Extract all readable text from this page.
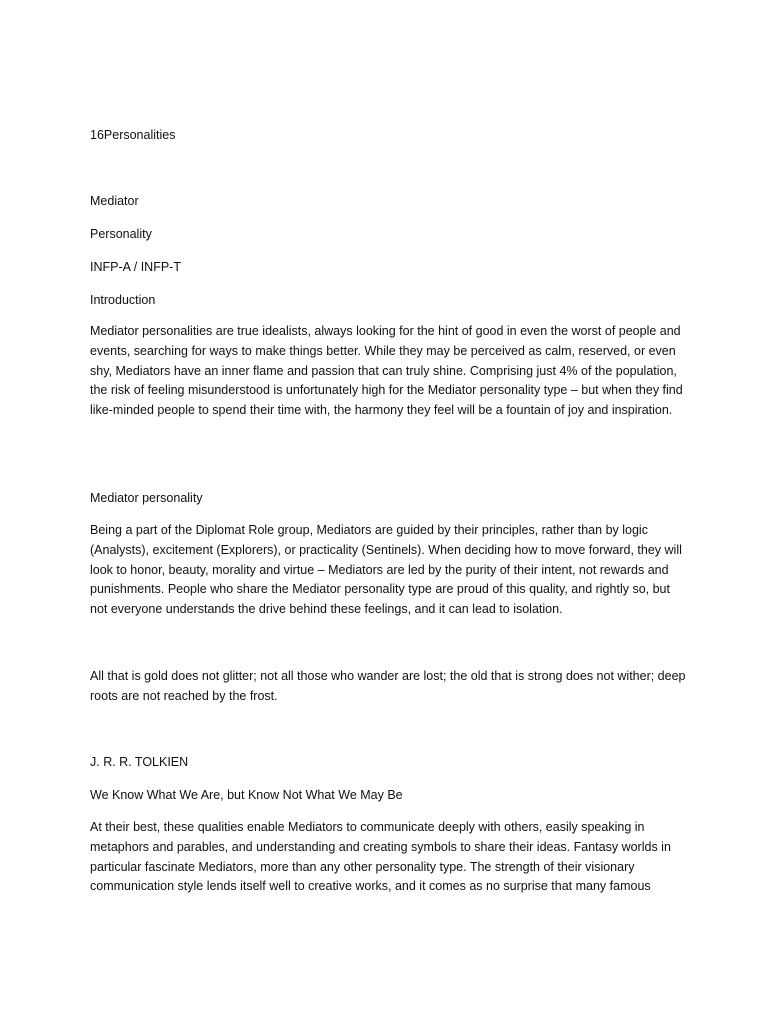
16Personalities

Mediator

Personality

INFP-A / INFP-T

Introduction

Mediator personalities are true idealists, always looking for the hint of good in even the worst of people and events, searching for ways to make things better. While they may be perceived as calm, reserved, or even shy, Mediators have an inner flame and passion that can truly shine. Comprising just 4% of the population, the risk of feeling misunderstood is unfortunately high for the Mediator personality type – but when they find like-minded people to spend their time with, the harmony they feel will be a fountain of joy and inspiration.

Mediator personality

Being a part of the Diplomat Role group, Mediators are guided by their principles, rather than by logic (Analysts), excitement (Explorers), or practicality (Sentinels). When deciding how to move forward, they will look to honor, beauty, morality and virtue – Mediators are led by the purity of their intent, not rewards and punishments. People who share the Mediator personality type are proud of this quality, and rightly so, but not everyone understands the drive behind these feelings, and it can lead to isolation.

All that is gold does not glitter; not all those who wander are lost; the old that is strong does not wither; deep roots are not reached by the frost.

J. R. R. TOLKIEN

We Know What We Are, but Know Not What We May Be

At their best, these qualities enable Mediators to communicate deeply with others, easily speaking in metaphors and parables, and understanding and creating symbols to share their ideas. Fantasy worlds in particular fascinate Mediators, more than any other personality type. The strength of their visionary communication style lends itself well to creative works, and it comes as no surprise that many famous
